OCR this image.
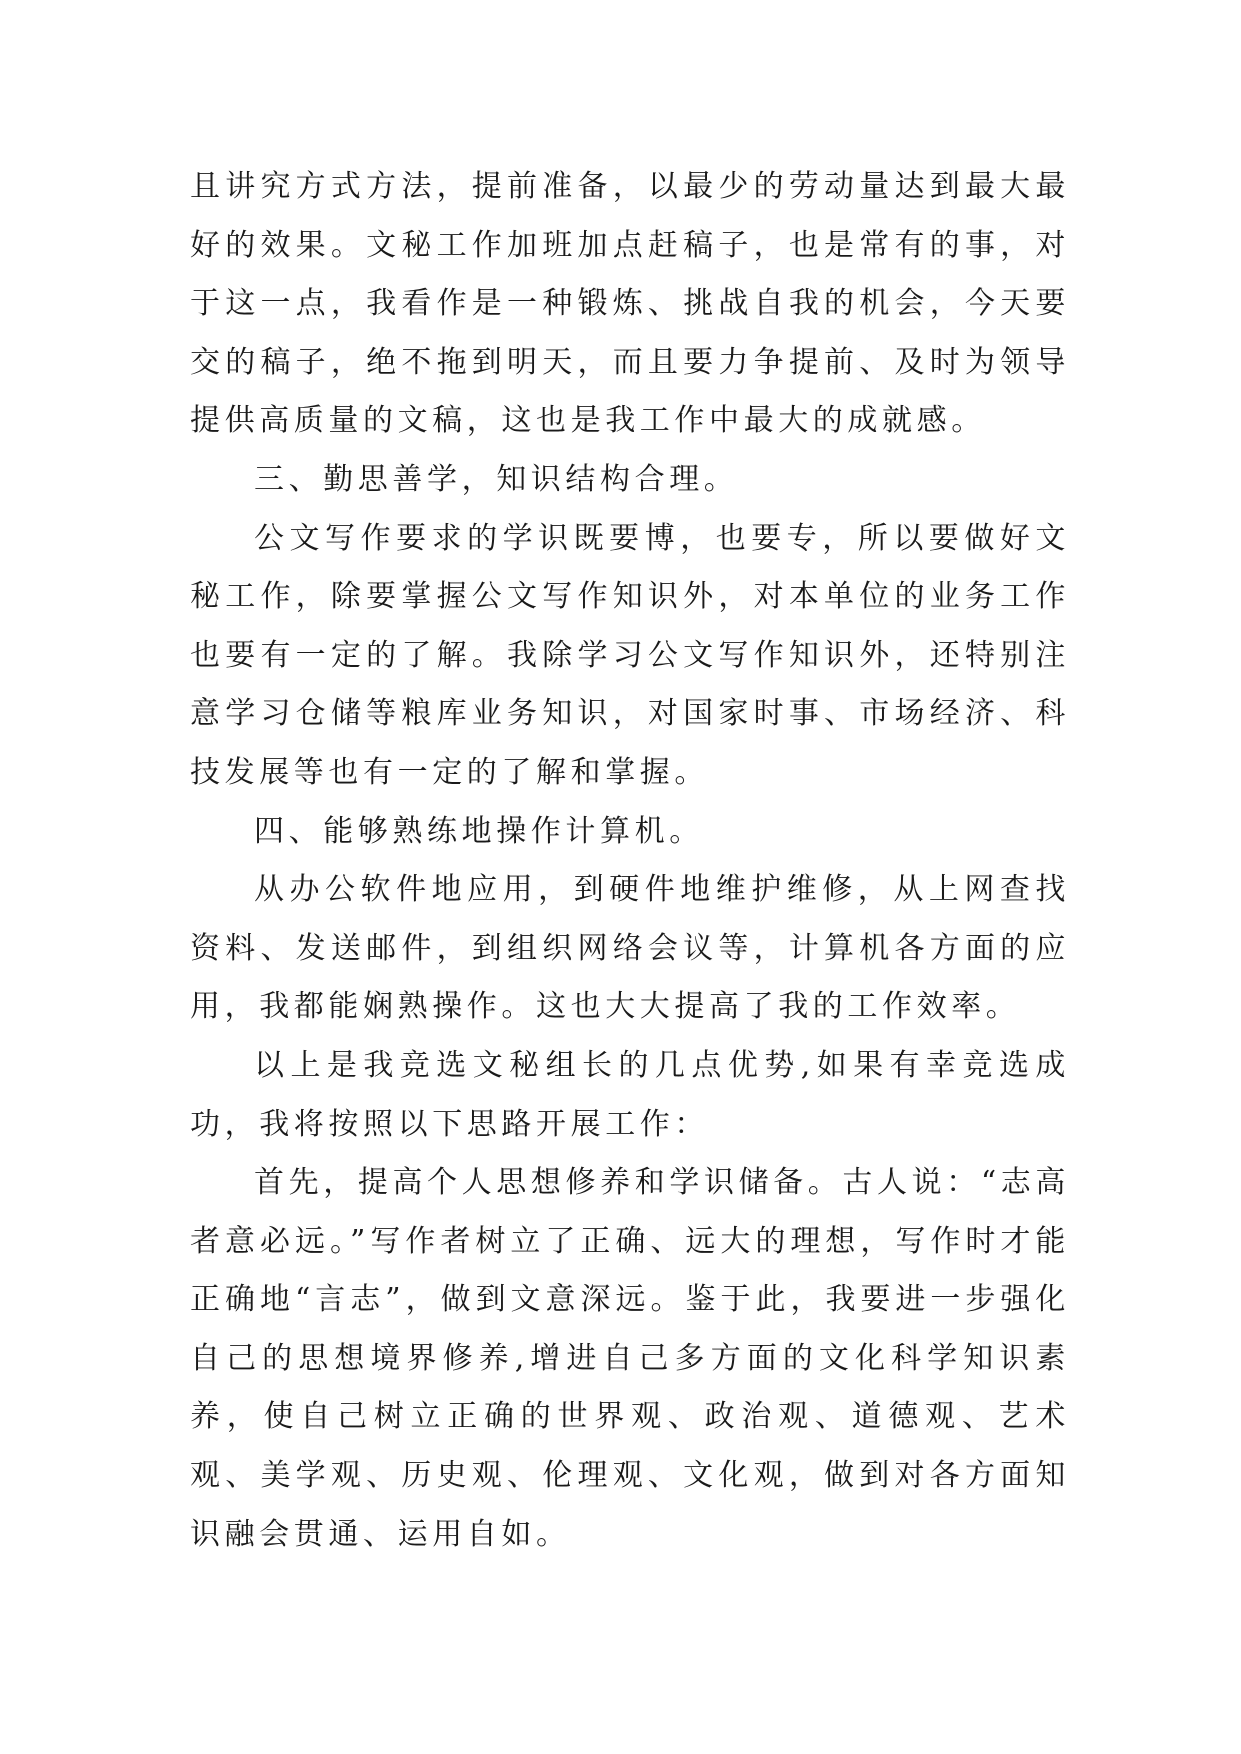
且讲究方式方法，提前准备，以最少的劳动量达到最大最好的效果。文秘工作加班加点赶稿子，也是常有的事，对于这一点，我看作是一种锻炼、挑战自我的机会，今天要交的稿子，绝不拖到明天，而且要力争提前、及时为领导提供高质量的文稿，这也是我工作中最大的成就感。

三、勤思善学，知识结构合理。

公文写作要求的学识既要博，也要专，所以要做好文秘工作，除要掌握公文写作知识外，对本单位的业务工作也要有一定的了解。我除学习公文写作知识外，还特别注意学习仓储等粮库业务知识，对国家时事、市场经济、科技发展等也有一定的了解和掌握。

四、能够熟练地操作计算机。

从办公软件地应用，到硬件地维护维修，从上网查找资料、发送邮件，到组织网络会议等，计算机各方面的应用，我都能娴熟操作。这也大大提高了我的工作效率。

以上是我竞选文秘组长的几点优势,如果有幸竞选成功，我将按照以下思路开展工作：

首先，提高个人思想修养和学识储备。古人说：“志高者意必远。”写作者树立了正确、远大的理想，写作时才能正确地“言志”，做到文意深远。鉴于此，我要进一步强化自己的思想境界修养,增进自己多方面的文化科学知识素养，使自己树立正确的世界观、政治观、道德观、艺术观、美学观、历史观、伦理观、文化观，做到对各方面知识融会贯通、运用自如。
